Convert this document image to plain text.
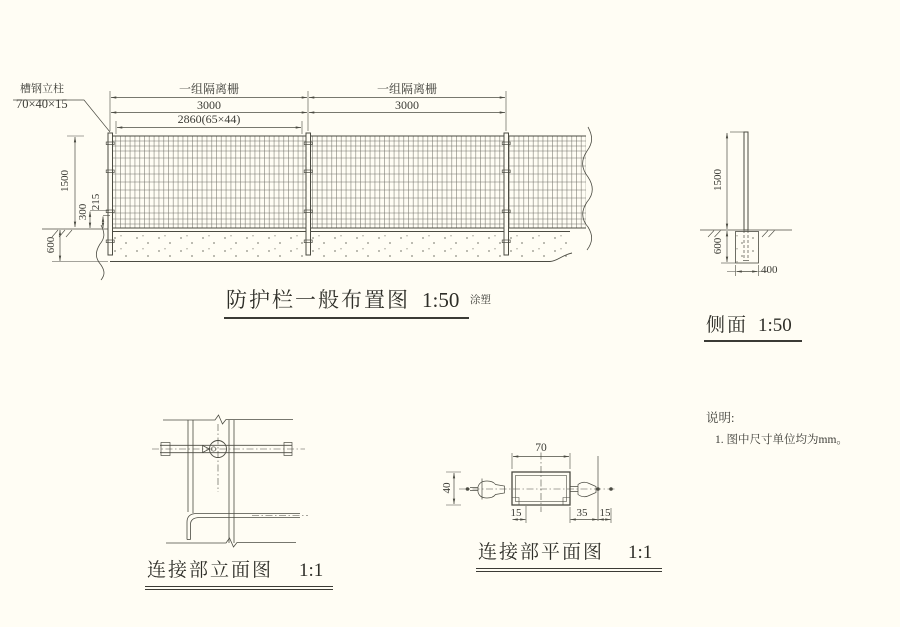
槽钢立柱
70×40×15
一组隔离栅
3000
一组隔离栅
3000
2860(65×44)
1500
300
215
600
防护栏一般布置图 1:50 涂塑
1500
600
400
侧面 1:50
说明:
1. 图中尺寸单位均为mm。
连接部立面图 1:1
连接部平面图 1:1
70
40
15	35	15
